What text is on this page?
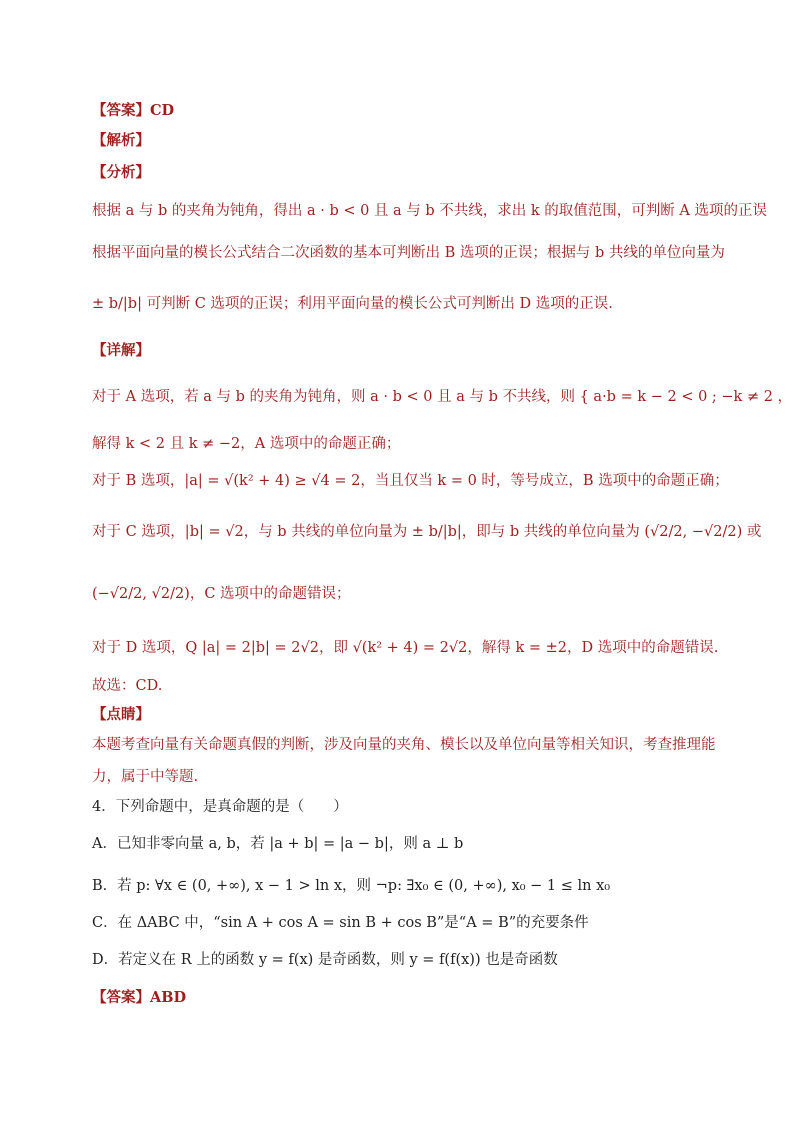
【答案】CD
【解析】
【分析】
根据 a 与 b 的夹角为钝角，得出 a · b < 0 且 a 与 b 不共线，求出 k 的取值范围，可判断 A 选项的正误
根据平面向量的模长公式结合二次函数的基本可判断出 B 选项的正误；根据与 b 共线的单位向量为
± b/|b| 可判断 C 选项的正误；利用平面向量的模长公式可判断出 D 选项的正误.
【详解】
对于 A 选项，若 a 与 b 的夹角为钝角，则 a · b < 0 且 a 与 b 不共线，则 { a·b = k − 2 < 0 ; −k ≠ 2 ，
解得 k < 2 且 k ≠ −2，A 选项中的命题正确；
对于 B 选项，|a| = √(k² + 4) ≥ √4 = 2，当且仅当 k = 0 时，等号成立，B 选项中的命题正确；
对于 C 选项，|b| = √2，与 b 共线的单位向量为 ± b/|b|，即与 b 共线的单位向量为 (√2/2, −√2/2) 或
(−√2/2, √2/2)，C 选项中的命题错误；
对于 D 选项，Q |a| = 2|b| = 2√2，即 √(k² + 4) = 2√2，解得 k = ±2，D 选项中的命题错误.
故选：CD.
【点睛】
本题考查向量有关命题真假的判断，涉及向量的夹角、模长以及单位向量等相关知识，考查推理能
力，属于中等题.
4．下列命题中，是真命题的是（　　）
A．已知非零向量 a, b，若 |a + b| = |a − b|，则 a ⊥ b
B．若 p: ∀x ∈ (0, +∞), x − 1 > ln x，则 ¬p: ∃x₀ ∈ (0, +∞), x₀ − 1 ≤ ln x₀
C．在 ΔABC 中，“sin A + cos A = sin B + cos B”是“A = B”的充要条件
D．若定义在 R 上的函数 y = f(x) 是奇函数，则 y = f(f(x)) 也是奇函数
【答案】ABD
